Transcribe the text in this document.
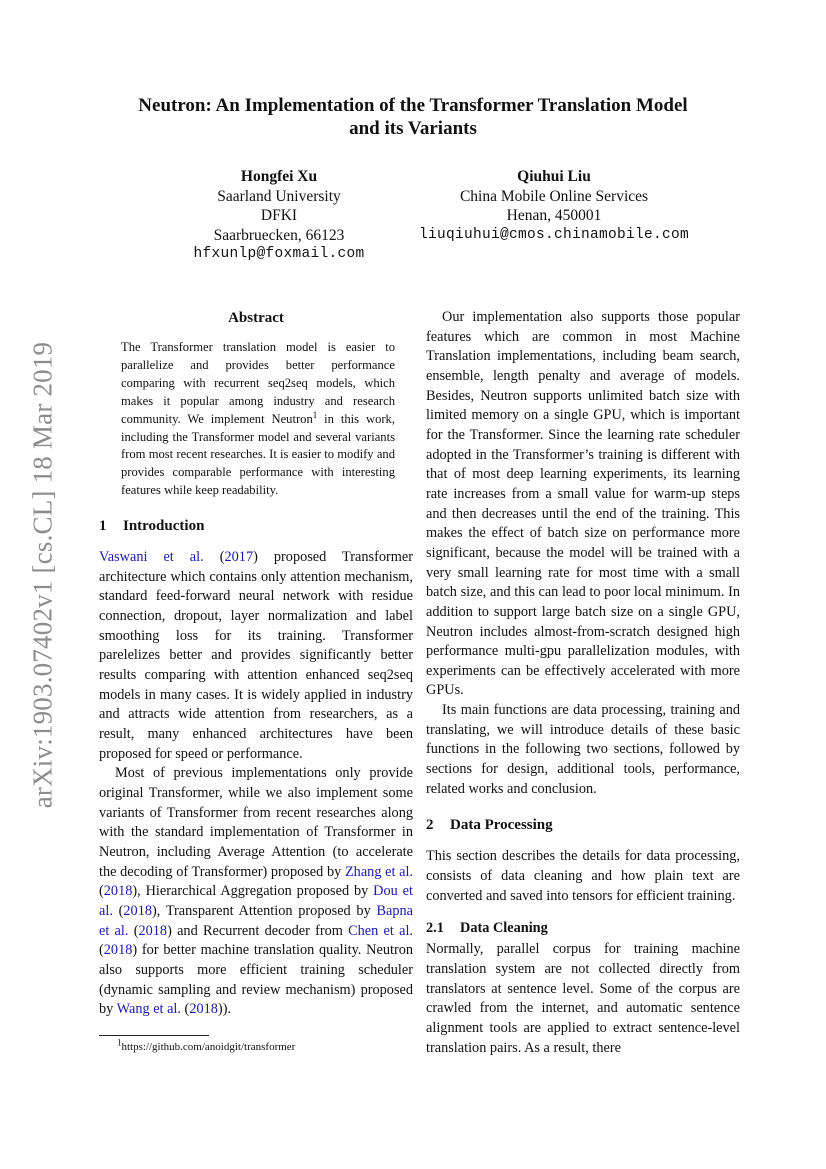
arXiv:1903.07402v1 [cs.CL] 18 Mar 2019
Neutron: An Implementation of the Transformer Translation Model
and its Variants
Hongfei Xu
Saarland University
DFKI
Saarbruecken, 66123
hfxunlp@foxmail.com
Qiuhui Liu
China Mobile Online Services
Henan, 450001
liuqiuhui@cmos.chinamobile.com
Abstract

The Transformer translation model is easier to parallelize and provides better performance comparing with recurrent seq2seq models, which makes it popular among industry and research community. We implement Neutron$^1$ in this work, including the Transformer model and several variants from most recent researches. It is easier to modify and provides comparable performance with interesting features while keep readability.

1 Introduction

Vaswani et al. (2017) proposed Transformer architecture which contains only attention mechanism, standard feed-forward neural network with residue connection, dropout, layer normalization and label smoothing loss for its training. Transformer parelelizes better and provides significantly better results comparing with attention enhanced seq2seq models in many cases. It is widely applied in industry and attracts wide attention from researchers, as a result, many enhanced architectures have been proposed for speed or performance.

Most of previous implementations only provide original Transformer, while we also implement some variants of Transformer from recent researches along with the standard implementation of Transformer in Neutron, including Average Attention (to accelerate the decoding of Transformer) proposed by Zhang et al. (2018), Hierarchical Aggregation proposed by Dou et al. (2018), Transparent Attention proposed by Bapna et al. (2018) and Recurrent decoder from Chen et al. (2018) for better machine translation quality. Neutron also supports more efficient training scheduler (dynamic sampling and review mechanism) proposed by Wang et al. (2018)).

$^1$https://github.com/anoidgit/transformer

Our implementation also supports those popular features which are common in most Machine Translation implementations, including beam search, ensemble, length penalty and average of models. Besides, Neutron supports unlimited batch size with limited memory on a single GPU, which is important for the Transformer. Since the learning rate scheduler adopted in the Transformer’s training is different with that of most deep learning experiments, its learning rate increases from a small value for warm-up steps and then decreases until the end of the training. This makes the effect of batch size on performance more significant, because the model will be trained with a very small learning rate for most time with a small batch size, and this can lead to poor local minimum. In addition to support large batch size on a single GPU, Neutron includes almost-from-scratch designed high performance multi-gpu parallelization modules, with experiments can be effectively accelerated with more GPUs.

Its main functions are data processing, training and translating, we will introduce details of these basic functions in the following two sections, followed by sections for design, additional tools, performance, related works and conclusion.

2 Data Processing

This section describes the details for data processing, consists of data cleaning and how plain text are converted and saved into tensors for efficient training.

2.1 Data Cleaning

Normally, parallel corpus for training machine translation system are not collected directly from translators at sentence level. Some of the corpus are crawled from the internet, and automatic sentence alignment tools are applied to extract sentence-level translation pairs. As a result, there
